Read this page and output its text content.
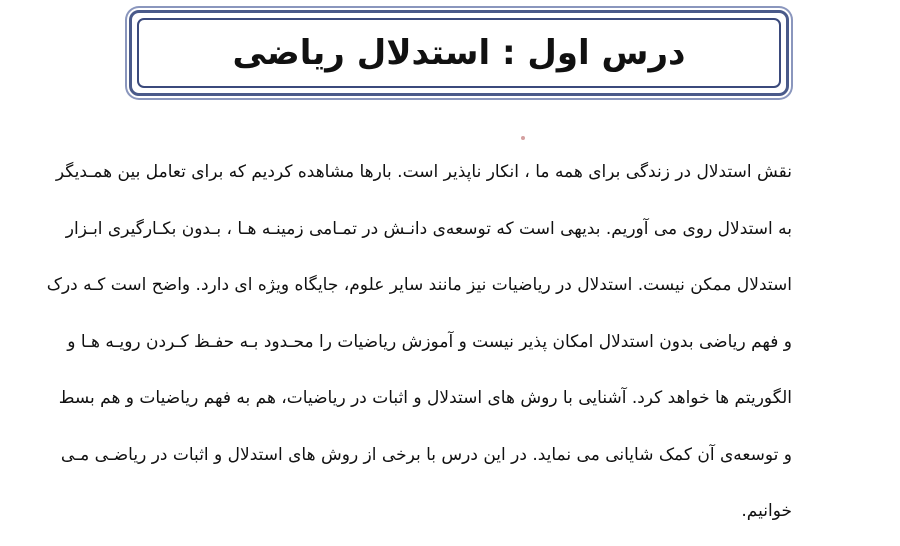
درس اول : استدلال ریاضی
نقش استدلال در زندگی برای همه ما ، انکار ناپذیر است. بارها مشاهده کردیم که برای تعامل بین همـدیگر
به استدلال روی می آوریم. بدیهی است که توسعه‌ی دانـش در تمـامی زمینـه هـا ، بـدون بکـارگیری ابـزار
استدلال ممکن نیست. استدلال در ریاضیات نیز مانند سایر علوم، جایگاه ویژه ای دارد. واضح است کـه درک
و فهم ریاضی بدون استدلال امکان پذیر نیست و آموزش ریاضیات را محـدود بـه حفـظ کـردن رویـه هـا و
الگوریتم ها خواهد کرد. آشنایی با روش های استدلال و اثبات در ریاضیات، هم به فهم ریاضیات و هم بسط
و توسعه‌ی آن کمک شایانی می نماید. در این درس با برخی از روش های استدلال و اثبات در ریاضـی مـی
خوانیم.
